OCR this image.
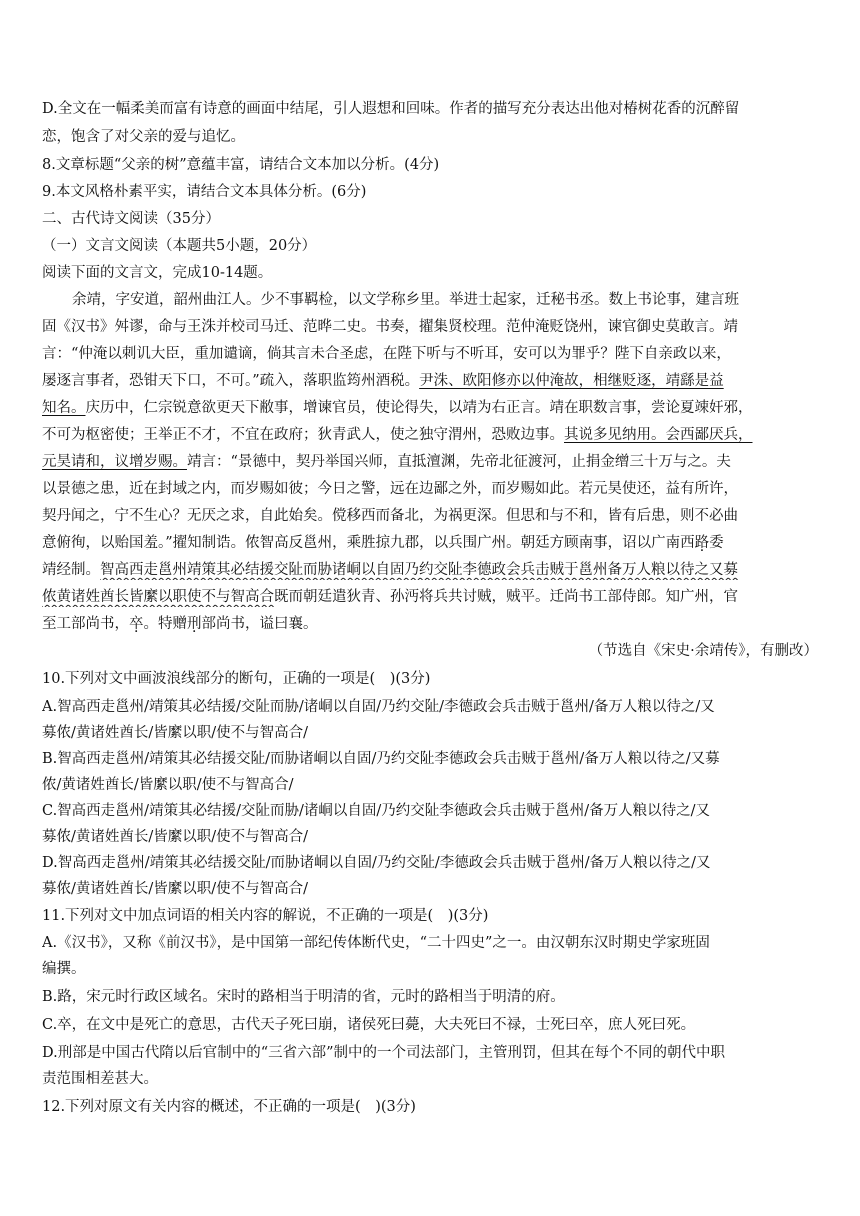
D.全文在一幅柔美而富有诗意的画面中结尾，引人遐想和回味。作者的描写充分表达出他对椿树花香的沉醉留
恋，饱含了对父亲的爱与追忆。
8.文章标题“父亲的树”意蕴丰富，请结合文本加以分析。(4分)
9.本文风格朴素平实，请结合文本具体分析。(6分)
二、古代诗文阅读（35分）
（一）文言文阅读（本题共5小题，20分）
阅读下面的文言文，完成10-14题。
余靖，字安道，韶州曲江人。少不事羁检，以文学称乡里。举进士起家，迁秘书丞。数上书论事，建言班
固《汉书》舛谬，命与王洙并校司马迁、范晔二史。书奏，擢集贤校理。范仲淹贬饶州，谏官御史莫敢言。靖
言：“仲淹以刺讥大臣，重加谴谪，倘其言未合圣虑，在陛下听与不听耳，安可以为罪乎？陛下自亲政以来，
屡逐言事者，恐钳天下口，不可。”疏入，落职监筠州酒税。尹洙、欧阳修亦以仲淹故，相继贬逐，靖繇是益
知名。庆历中，仁宗锐意欲更天下敝事，增谏官员，使论得失，以靖为右正言。靖在职数言事，尝论夏竦奸邪，
不可为枢密使；王举正不才，不宜在政府；狄青武人，使之独守渭州，恐败边事。其说多见纳用。会西鄙厌兵，
元昊请和，议增岁赐。靖言：“景德中，契丹举国兴师，直抵澶渊，先帝北征渡河，止捐金缯三十万与之。夫
以景德之患，近在封域之内，而岁赐如彼；今日之警，远在边鄙之外，而岁赐如此。若元昊使还，益有所许，
契丹闻之，宁不生心？无厌之求，自此始矣。傥移西而备北，为祸更深。但思和与不和，皆有后患，则不必曲
意俯徇，以贻国羞。”擢知制诰。侬智高反邕州，乘胜掠九郡，以兵围广州。朝廷方顾南事，诏以广南西路委
靖经制。智高西走邕州靖策其必结援交阯而胁诸峒以自固乃约交阯李德政会兵击贼于邕州备万人粮以待之又募
侬黄诸姓酋长皆縻以职使不与智高合既而朝廷遣狄青、孙沔将兵共讨贼，贼平。迁尚书工部侍郎。知广州，官
至工部尚书，卒。特赠刑部尚书，谥曰襄。
（节选自《宋史·余靖传》，有删改）
10.下列对文中画波浪线部分的断句，正确的一项是(　)(3分)
A.智高西走邕州/靖策其必结援/交阯而胁/诸峒以自固/乃约交阯/李德政会兵击贼于邕州/备万人粮以待之/又
募侬/黄诸姓酋长/皆縻以职/使不与智高合/
B.智高西走邕州/靖策其必结援交阯/而胁诸峒以自固/乃约交阯李德政会兵击贼于邕州/备万人粮以待之/又募
侬/黄诸姓酋长/皆縻以职/使不与智高合/
C.智高西走邕州/靖策其必结援/交阯而胁/诸峒以自固/乃约交阯李德政会兵击贼于邕州/备万人粮以待之/又
募侬/黄诸姓酋长/皆縻以职/使不与智高合/
D.智高西走邕州/靖策其必结援交阯/而胁诸峒以自固/乃约交阯/李德政会兵击贼于邕州/备万人粮以待之/又
募侬/黄诸姓酋长/皆縻以职/使不与智高合/
11.下列对文中加点词语的相关内容的解说，不正确的一项是(　)(3分)
A.《汉书》，又称《前汉书》，是中国第一部纪传体断代史，“二十四史”之一。由汉朝东汉时期史学家班固
编撰。
B.路，宋元时行政区域名。宋时的路相当于明清的省，元时的路相当于明清的府。
C.卒，在文中是死亡的意思，古代天子死曰崩，诸侯死曰薨，大夫死曰不禄，士死曰卒，庶人死曰死。
D.刑部是中国古代隋以后官制中的“三省六部”制中的一个司法部门，主管刑罚，但其在每个不同的朝代中职
责范围相差甚大。
12.下列对原文有关内容的概述，不正确的一项是(　)(3分)
